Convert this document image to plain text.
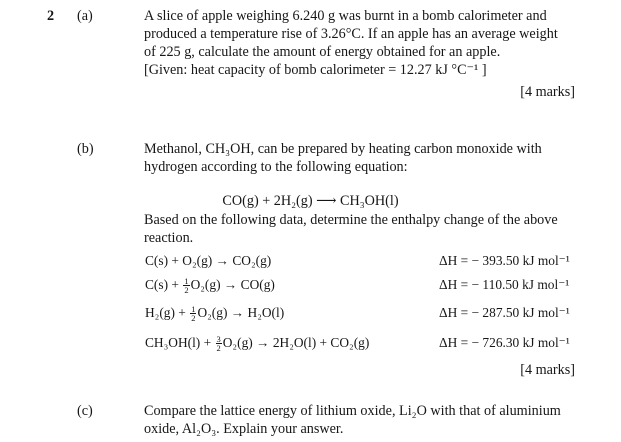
2 (a)	A slice of apple weighing 6.240 g was burnt in a bomb calorimeter and
produced a temperature rise of 3.26°C. If an apple has an average weight
of 225 g, calculate the amount of energy obtained for an apple.
[Given: heat capacity of bomb calorimeter = 12.27 kJ °C⁻¹ ]
[4 marks]
(b)	Methanol, CH₃OH, can be prepared by heating carbon monoxide with
hydrogen according to the following equation:
CO(g) + 2H₂(g) ⟶ CH₃OH(l)
Based on the following data, determine the enthalpy change of the above
reaction.
C(s) + O₂(g) → CO₂(g)	ΔH = − 393.50 kJ mol⁻¹
$C(s) + \frac{1}{2} O_2(g) \to CO(g)$	ΔH = − 110.50 kJ mol⁻¹
$H_2(g) + \frac{1}{2} O_2(g) \to H_2O(l)$	ΔH = − 287.50 kJ mol⁻¹
$CH_3OH(l) + \frac{3}{2} O_2(g) \to 2H_2O(l) + CO_2(g)$	ΔH = − 726.30 kJ mol⁻¹
[4 marks]
(c)	Compare the lattice energy of lithium oxide, Li₂O with that of aluminium
oxide, Al₂O₃. Explain your answer.
